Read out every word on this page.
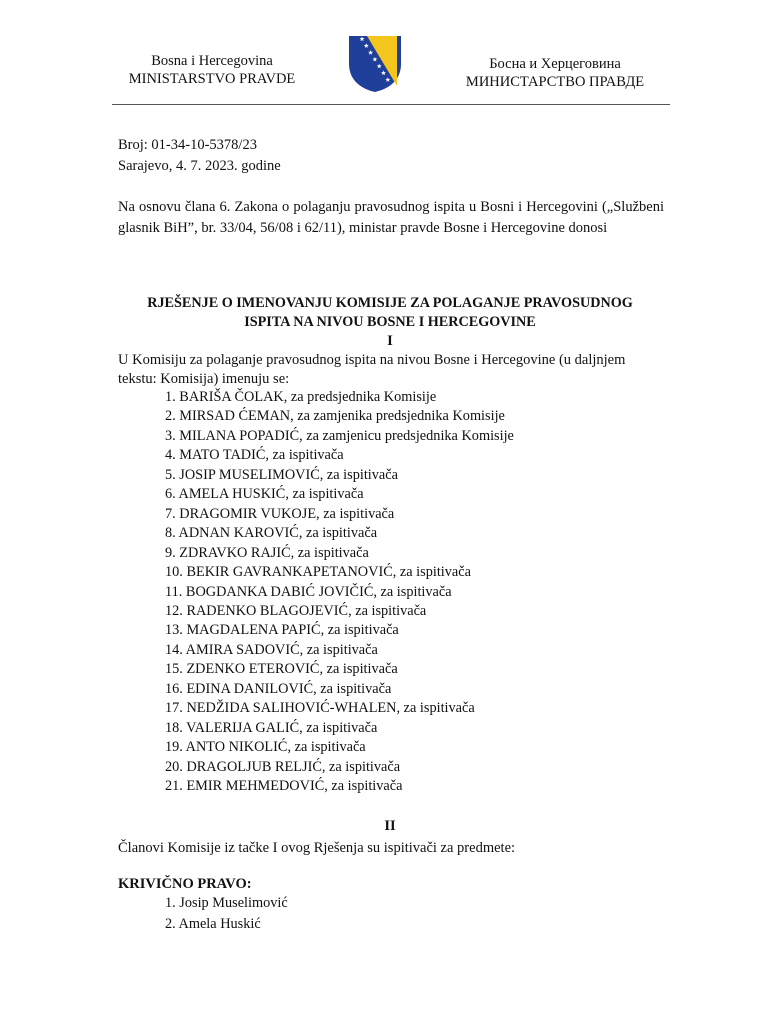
Bosna i Hercegovina
MINISTARSTVO PRAVDE
Босна и Херцеговина
МИНИСТАРСТВО ПРАВДЕ
Broj: 01-34-10-5378/23
Sarajevo, 4. 7. 2023. godine
Na osnovu člana 6. Zakona o polaganju pravosudnog ispita u Bosni i Hercegovini („Službeni glasnik BiH”, br. 33/04, 56/08 i 62/11), ministar pravde Bosne i Hercegovine donosi
RJEŠENJE O IMENOVANJU KOMISIJE ZA POLAGANJE PRAVOSUDNOG
ISPITA NA NIVOU BOSNE I HERCEGOVINE
I
U Komisiju za polaganje pravosudnog ispita na nivou Bosne i Hercegovine (u daljnjem tekstu: Komisija) imenuju se:
1. BARIŠA ČOLAK, za predsjednika Komisije
2. MIRSAD ĆEMAN, za zamjenika predsjednika Komisije
3. MILANA POPADIĆ, za zamjenicu predsjednika Komisije
4. MATO TADIĆ, za ispitivača
5. JOSIP MUSELIMOVIĆ, za ispitivača
6. AMELA HUSKIĆ, za ispitivača
7. DRAGOMIR VUKOJE, za ispitivača
8. ADNAN KAROVIĆ, za ispitivača
9. ZDRAVKO RAJIĆ, za ispitivača
10. BEKIR GAVRANKAPETANOVIĆ, za ispitivača
11. BOGDANKA DABIĆ JOVIČIĆ, za ispitivača
12. RADENKO BLAGOJEVIĆ, za ispitivača
13. MAGDALENA PAPIĆ, za ispitivača
14. AMIRA SADOVIĆ, za ispitivača
15. ZDENKO ETEROVIĆ, za ispitivača
16. EDINA DANILOVIĆ, za ispitivača
17. NEDŽIDA SALIHOVIĆ-WHALEN, za ispitivača
18. VALERIJA GALIĆ, za ispitivača
19. ANTO NIKOLIĆ, za ispitivača
20. DRAGOLJUB RELJIĆ, za ispitivača
21. EMIR MEHMEDOVIĆ, za ispitivača
II
Članovi Komisije iz tačke I ovog Rješenja su ispitivači za predmete:
KRIVIČNO PRAVO:
1. Josip Muselimović
2. Amela Huskić
